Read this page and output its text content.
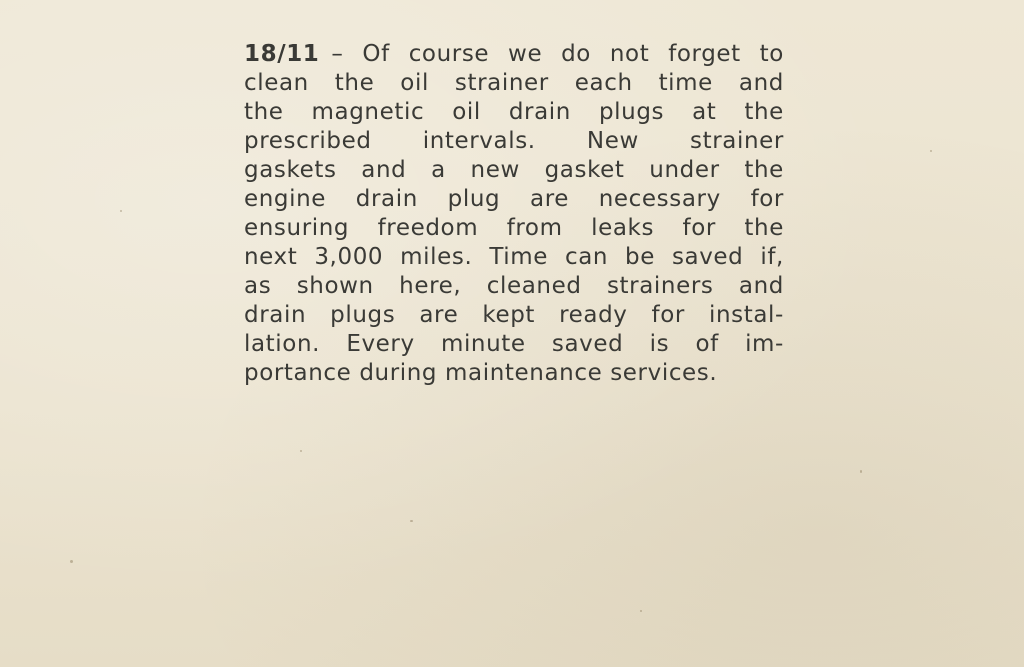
18/11 – Of course we do not forget to
clean the oil strainer each time and
the magnetic oil drain plugs at the
prescribed intervals. New strainer
gaskets and a new gasket under the
engine drain plug are necessary for
ensuring freedom from leaks for the
next 3,000 miles. Time can be saved if,
as shown here, cleaned strainers and
drain plugs are kept ready for instal-
lation. Every minute saved is of im-
portance during maintenance services.
